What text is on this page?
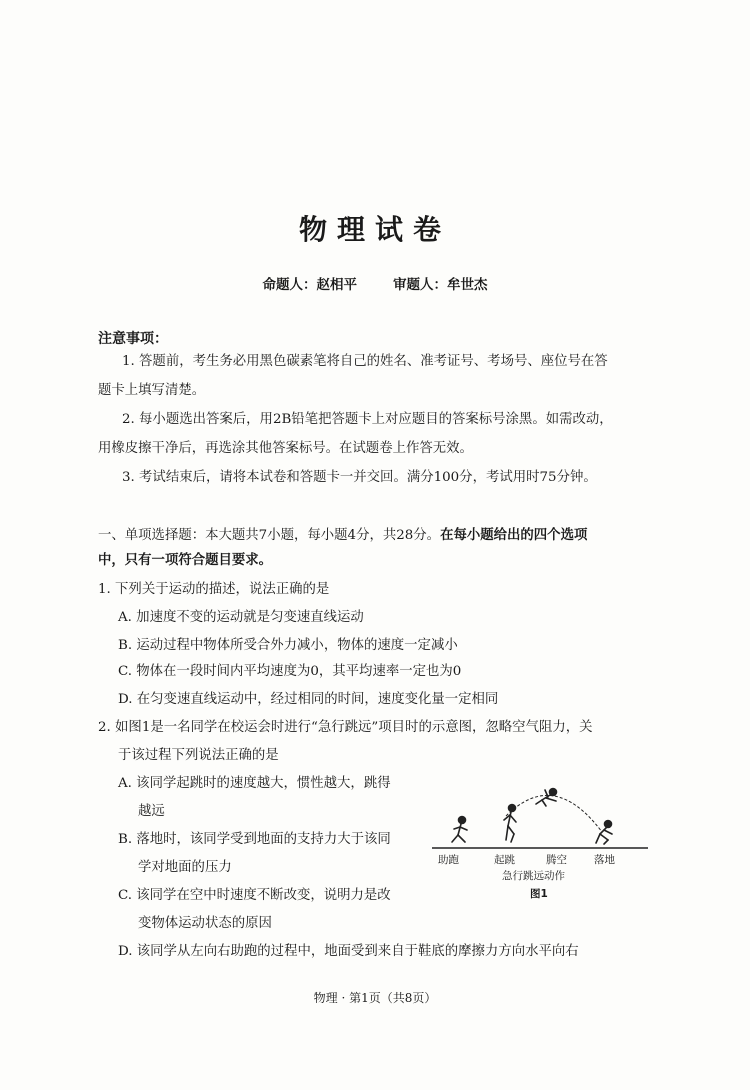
物理试卷
命题人：赵相平	审题人：牟世杰
注意事项：
1. 答题前，考生务必用黑色碳素笔将自己的姓名、准考证号、考场号、座位号在答
题卡上填写清楚。
2. 每小题选出答案后，用2B铅笔把答题卡上对应题目的答案标号涂黑。如需改动，
用橡皮擦干净后，再选涂其他答案标号。在试题卷上作答无效。
3. 考试结束后，请将本试卷和答题卡一并交回。满分100分，考试用时75分钟。
一、单项选择题：本大题共7小题，每小题4分，共28分。在每小题给出的四个选项
中，只有一项符合题目要求。
1. 下列关于运动的描述，说法正确的是
A. 加速度不变的运动就是匀变速直线运动
B. 运动过程中物体所受合外力减小，物体的速度一定减小
C. 物体在一段时间内平均速度为0，其平均速率一定也为0
D. 在匀变速直线运动中，经过相同的时间，速度变化量一定相同
2. 如图1是一名同学在校运会时进行“急行跳远”项目时的示意图，忽略空气阻力，关
于该过程下列说法正确的是
A. 该同学起跳时的速度越大，惯性越大，跳得
越远
B. 落地时，该同学受到地面的支持力大于该同
学对地面的压力
C. 该同学在空中时速度不断改变，说明力是改
变物体运动状态的原因
D. 该同学从左向右助跑的过程中，地面受到来自于鞋底的摩擦力方向水平向右
助跑	起跳	腾空	落地
急行跳远动作
图1
物理 · 第1页（共8页）
